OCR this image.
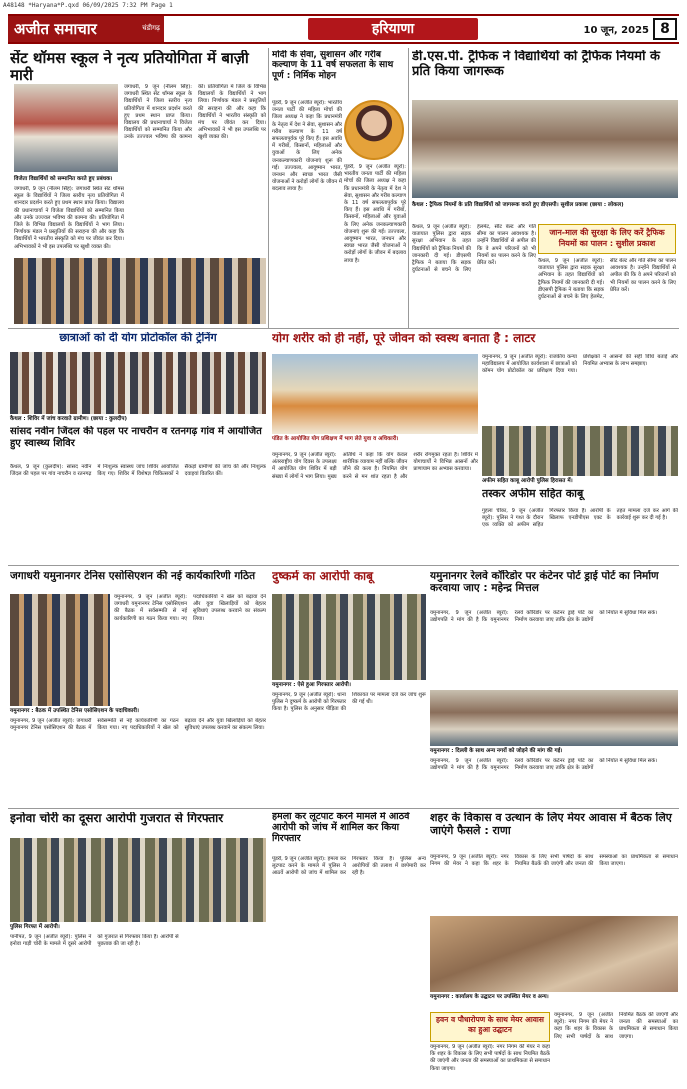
A48148 *Haryana*P.qxd 06/09/2025 7:32 PM Page 1
अजीत समाचार	चंडीगढ़	हरियाणा	10 जून, 2025 8
सेंट थॉमस स्कूल ने नृत्य प्रतियोगिता में बाज़ी मारी
विजेता विद्यार्थियों को सम्मानित करते हुए प्रबंधक।
जगाधरी, 9 जून (नीलम सिंह): जगाधरी स्थित सेंट थॉमस स्कूल के विद्यार्थियों ने जिला स्तरीय नृत्य प्रतियोगिता में शानदार प्रदर्शन करते हुए प्रथम स्थान प्राप्त किया। विद्यालय की प्रधानाचार्या ने विजेता विद्यार्थियों को सम्मानित किया और उनके उज्ज्वल भविष्य की कामना की। प्रतियोगिता में जिले के विभिन्न विद्यालयों के विद्यार्थियों ने भाग लिया। निर्णायक मंडल ने प्रस्तुतियों की सराहना की और कहा कि विद्यार्थियों ने भारतीय संस्कृति को मंच पर जीवंत कर दिया। अभिभावकों ने भी इस उपलब्धि पर खुशी व्यक्त की।
जगाधरी, 9 जून (नीलम सिंह): जगाधरी स्थित सेंट थॉमस स्कूल के विद्यार्थियों ने जिला स्तरीय नृत्य प्रतियोगिता में शानदार प्रदर्शन करते हुए प्रथम स्थान प्राप्त किया। विद्यालय की प्रधानाचार्या ने विजेता विद्यार्थियों को सम्मानित किया और उनके उज्ज्वल भविष्य की कामना की। प्रतियोगिता में जिले के विभिन्न विद्यालयों के विद्यार्थियों ने भाग लिया। निर्णायक मंडल ने प्रस्तुतियों की सराहना की और कहा कि विद्यार्थियों ने भारतीय संस्कृति को मंच पर जीवंत कर दिया। अभिभावकों ने भी इस उपलब्धि पर खुशी व्यक्त की।
मोदी के सेवा, सुशासन और गरीब कल्याण के 11 वर्ष सफलता के साथ पूर्ण : निर्मिक मोहन
पूंडरी, 9 जून (अजीत ब्यूरो): भारतीय जनता पार्टी की महिला मोर्चा की जिला अध्यक्ष ने कहा कि प्रधानमंत्री के नेतृत्व में देश ने सेवा, सुशासन और गरीब कल्याण के 11 वर्ष सफलतापूर्वक पूरे किए हैं। इस अवधि में गरीबों, किसानों, महिलाओं और युवाओं के लिए अनेक जनकल्याणकारी योजनाएं शुरू की गईं। उज्ज्वला, आयुष्मान भारत, जनधन और स्वच्छ भारत जैसी योजनाओं ने करोड़ों लोगों के जीवन में बदलाव लाया है।
पूंडरी, 9 जून (अजीत ब्यूरो): भारतीय जनता पार्टी की महिला मोर्चा की जिला अध्यक्ष ने कहा कि प्रधानमंत्री के नेतृत्व में देश ने सेवा, सुशासन और गरीब कल्याण के 11 वर्ष सफलतापूर्वक पूरे किए हैं। इस अवधि में गरीबों, किसानों, महिलाओं और युवाओं के लिए अनेक जनकल्याणकारी योजनाएं शुरू की गईं। उज्ज्वला, आयुष्मान भारत, जनधन और स्वच्छ भारत जैसी योजनाओं ने करोड़ों लोगों के जीवन में बदलाव लाया है।
डी.एस.पी. ट्रैफिक ने विद्यार्थियों को ट्रैफिक नियमों के प्रति किया जागरूक
कैथल : ट्रैफिक नियमों के प्रति विद्यार्थियों को जागरूक करते हुए डीएसपी। सुशील प्रकाश (छाया : लोकल)
जान-माल की सुरक्षा के लिए करें ट्रैफिक नियमों का पालन : सुशील प्रकाश
कैथल, 9 जून (अजीत ब्यूरो): यातायात पुलिस द्वारा सड़क सुरक्षा अभियान के तहत विद्यार्थियों को ट्रैफिक नियमों की जानकारी दी गई। डीएसपी ट्रैफिक ने बताया कि सड़क दुर्घटनाओं से बचने के लिए हेलमेट, सीट बेल्ट और गति सीमा का पालन आवश्यक है। उन्होंने विद्यार्थियों से अपील की कि वे अपने परिजनों को भी नियमों का पालन करने के लिए प्रेरित करें।	कैथल, 9 जून (अजीत ब्यूरो): यातायात पुलिस द्वारा सड़क सुरक्षा अभियान के तहत विद्यार्थियों को ट्रैफिक नियमों की जानकारी दी गई। डीएसपी ट्रैफिक ने बताया कि सड़क दुर्घटनाओं से बचने के लिए हेलमेट, सीट बेल्ट और गति सीमा का पालन आवश्यक है। उन्होंने विद्यार्थियों से अपील की कि वे अपने परिजनों को भी नियमों का पालन करने के लिए प्रेरित करें।
छात्राओं को दी योग प्रोटोकॉल की ट्रेनिंग
कैथल : शिविर में जांच करवाते ग्रामीण। (छाया : कुलदीप)
सांसद नवीन जिंदल की पहल पर नाचरौन व रतनगढ़ गांव में आयोजित हुए स्वास्थ्य शिविर
कैथल, 9 जून (कुलदीप): सांसद नवीन जिंदल की पहल पर गांव नाचरौन व रतनगढ़ में निःशुल्क स्वास्थ्य जांच शिविर आयोजित किए गए। शिविर में विशेषज्ञ चिकित्सकों ने सैकड़ों ग्रामीणों की जांच की और निःशुल्क दवाइयां वितरित कीं।
योग शरीर को ही नहीं, पूरे जीवन को स्वस्थ बनाता है : लाटर
पंडित के आयोजित योग प्रशिक्षण में भाग लेते युवा व अधिकारी।
यमुनानगर, 9 जून (अजीत ब्यूरो): अंतरराष्ट्रीय योग दिवस के उपलक्ष्य में आयोजित योग शिविर में बड़ी संख्या में लोगों ने भाग लिया। मुख्य अतिथि ने कहा कि योग केवल शारीरिक व्यायाम नहीं बल्कि जीवन जीने की कला है। नियमित योग करने से मन शांत रहता है और शरीर रोगमुक्त रहता है। शिविर में योगाचार्यों ने विभिन्न आसनों और प्राणायाम का अभ्यास करवाया।
यमुनानगर, 9 जून (अजीत ब्यूरो): राजकीय कन्या महाविद्यालय में आयोजित कार्यशाला में छात्राओं को कॉमन योग प्रोटोकॉल का प्रशिक्षण दिया गया। प्रशिक्षकों ने आसनों की सही विधि बताई और नियमित अभ्यास के लाभ समझाए।
अफीम सहित काबू आरोपी पुलिस हिरासत में।
तस्कर अफीम सहित काबू
गुहला चीका, 9 जून (अजीत ब्यूरो): पुलिस ने गश्त के दौरान एक व्यक्ति को अफीम सहित गिरफ्तार किया है। आरोपी के खिलाफ एनडीपीएस एक्ट के तहत मामला दर्ज कर आगे की कार्रवाई शुरू कर दी गई है।
जगाधरी यमुनानगर टेनिस एसोसिएशन की नई कार्यकारिणी गठित
यमुनानगर : बैठक में उपस्थित टेनिस एसोसिएशन के पदाधिकारी।
यमुनानगर, 9 जून (अजीत ब्यूरो): जगाधरी यमुनानगर टेनिस एसोसिएशन की बैठक में सर्वसम्मति से नई कार्यकारिणी का गठन किया गया। नए पदाधिकारियों ने खेल को बढ़ावा देने और युवा खिलाड़ियों को बेहतर सुविधाएं उपलब्ध करवाने का संकल्प लिया।
यमुनानगर, 9 जून (अजीत ब्यूरो): जगाधरी यमुनानगर टेनिस एसोसिएशन की बैठक में सर्वसम्मति से नई कार्यकारिणी का गठन किया गया। नए पदाधिकारियों ने खेल को बढ़ावा देने और युवा खिलाड़ियों को बेहतर सुविधाएं उपलब्ध करवाने का संकल्प लिया।
दुष्कर्म का आरोपी काबू
यमुनानगर : ऐसे हुआ गिरफ्तार आरोपी।
यमुनानगर, 9 जून (अजीत ब्यूरो): थाना पुलिस ने दुष्कर्म के आरोपी को गिरफ्तार किया है। पुलिस के अनुसार पीड़िता की शिकायत पर मामला दर्ज कर जांच शुरू की गई थी।
यमुनानगर रेलवे कॉरिडोर पर कंटेनर पोर्ट ड्राई पोर्ट का निर्माण करवाया जाए : महेन्द्र मित्तल
यमुनानगर, 9 जून (अजीत ब्यूरो): उद्योगपति ने मांग की है कि यमुनानगर रेलवे कॉरिडोर पर कंटेनर ड्राई पोर्ट का निर्माण करवाया जाए ताकि क्षेत्र के उद्योगों को निर्यात में सुविधा मिल सके।
यमुनानगर : दिल्ली के साथ अन्य नगरों को जोड़ने की मांग की गई।
यमुनानगर, 9 जून (अजीत ब्यूरो): उद्योगपति ने मांग की है कि यमुनानगर रेलवे कॉरिडोर पर कंटेनर ड्राई पोर्ट का निर्माण करवाया जाए ताकि क्षेत्र के उद्योगों को निर्यात में सुविधा मिल सके।
इनोवा चोरी का दूसरा आरोपी गुजरात से गिरफ्तार
पुलिस गिरफ्त में आरोपी।
पानीपत, 9 जून (अजीत ब्यूरो): पुलिस ने इनोवा गाड़ी चोरी के मामले में दूसरे आरोपी को गुजरात से गिरफ्तार किया है। आरोपी से पूछताछ की जा रही है।
हमला कर लूटपाट करने मामले में आठवें आरोपी को जांच में शामिल कर किया गिरफ्तार
पूंडरी, 9 जून (अजीत ब्यूरो): हमला कर लूटपाट करने के मामले में पुलिस ने आठवें आरोपी को जांच में शामिल कर गिरफ्तार किया है। पुलिस अन्य आरोपियों की तलाश में छापेमारी कर रही है।
शहर के विकास व उत्थान के लिए मेयर आवास में बैठक लिए जाएंगे फैसले : राणा
यमुनानगर, 9 जून (अजीत ब्यूरो): नगर निगम की मेयर ने कहा कि शहर के विकास के लिए सभी पार्षदों के साथ नियमित बैठकें की जाएंगी और जनता की समस्याओं का प्राथमिकता से समाधान किया जाएगा।
यमुनानगर : कार्यालय के उद्घाटन पर उपस्थित मेयर व अन्य।
हवन व पौधारोपण के साथ मेयर आवास का हुआ उद्घाटन
यमुनानगर, 9 जून (अजीत ब्यूरो): नगर निगम की मेयर ने कहा कि शहर के विकास के लिए सभी पार्षदों के साथ नियमित बैठकें की जाएंगी और जनता की समस्याओं का प्राथमिकता से समाधान किया जाएगा।
यमुनानगर, 9 जून (अजीत ब्यूरो): नगर निगम की मेयर ने कहा कि शहर के विकास के लिए सभी पार्षदों के साथ नियमित बैठकें की जाएंगी और जनता की समस्याओं का प्राथमिकता से समाधान किया जाएगा।
